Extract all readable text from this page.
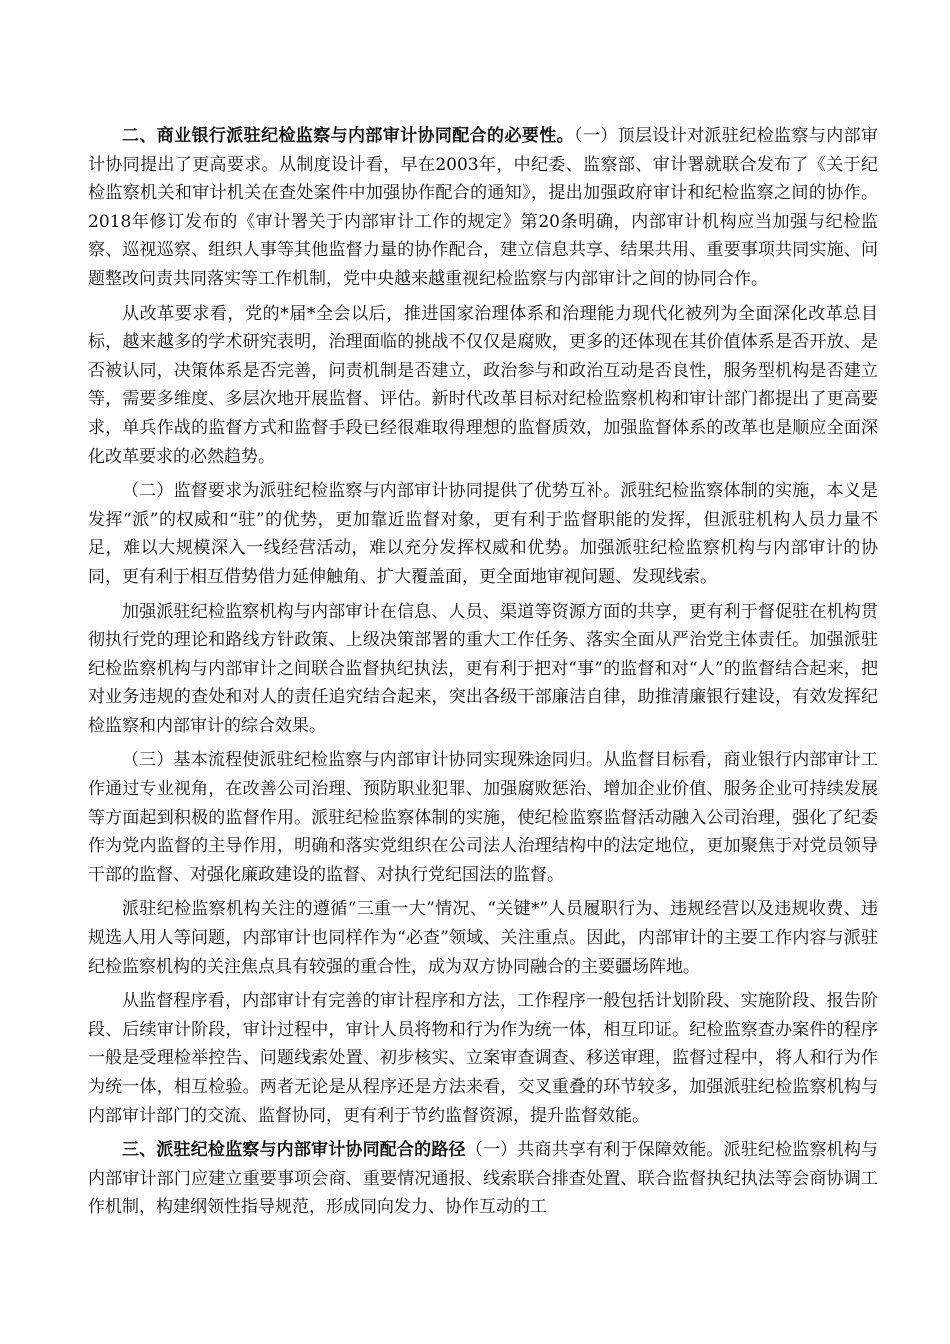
二、商业银行派驻纪检监察与内部审计协同配合的必要性。（一）顶层设计对派驻纪检监察与内部审计协同提出了更高要求。从制度设计看，早在2003年，中纪委、监察部、审计署就联合发布了《关于纪检监察机关和审计机关在查处案件中加强协作配合的通知》，提出加强政府审计和纪检监察之间的协作。2018年修订发布的《审计署关于内部审计工作的规定》第20条明确，内部审计机构应当加强与纪检监察、巡视巡察、组织人事等其他监督力量的协作配合，建立信息共享、结果共用、重要事项共同实施、问题整改问责共同落实等工作机制，党中央越来越重视纪检监察与内部审计之间的协同合作。

从改革要求看，党的*届*全会以后，推进国家治理体系和治理能力现代化被列为全面深化改革总目标，越来越多的学术研究表明，治理面临的挑战不仅仅是腐败，更多的还体现在其价值体系是否开放、是否被认同，决策体系是否完善，问责机制是否建立，政治参与和政治互动是否良性，服务型机构是否建立等，需要多维度、多层次地开展监督、评估。新时代改革目标对纪检监察机构和审计部门都提出了更高要求，单兵作战的监督方式和监督手段已经很难取得理想的监督质效，加强监督体系的改革也是顺应全面深化改革要求的必然趋势。

（二）监督要求为派驻纪检监察与内部审计协同提供了优势互补。派驻纪检监察体制的实施，本义是发挥“派”的权威和“驻”的优势，更加靠近监督对象，更有利于监督职能的发挥，但派驻机构人员力量不足，难以大规模深入一线经营活动，难以充分发挥权威和优势。加强派驻纪检监察机构与内部审计的协同，更有利于相互借势借力延伸触角、扩大覆盖面，更全面地审视问题、发现线索。

加强派驻纪检监察机构与内部审计在信息、人员、渠道等资源方面的共享，更有利于督促驻在机构贯彻执行党的理论和路线方针政策、上级决策部署的重大工作任务、落实全面从严治党主体责任。加强派驻纪检监察机构与内部审计之间联合监督执纪执法，更有利于把对“事”的监督和对“人”的监督结合起来，把对业务违规的查处和对人的责任追究结合起来，突出各级干部廉洁自律，助推清廉银行建设，有效发挥纪检监察和内部审计的综合效果。

（三）基本流程使派驻纪检监察与内部审计协同实现殊途同归。从监督目标看，商业银行内部审计工作通过专业视角，在改善公司治理、预防职业犯罪、加强腐败惩治、增加企业价值、服务企业可持续发展等方面起到积极的监督作用。派驻纪检监察体制的实施，使纪检监察监督活动融入公司治理，强化了纪委作为党内监督的主导作用，明确和落实党组织在公司法人治理结构中的法定地位，更加聚焦于对党员领导干部的监督、对强化廉政建设的监督、对执行党纪国法的监督。

派驻纪检监察机构关注的遵循“三重一大”情况、“关键*”人员履职行为、违规经营以及违规收费、违规选人用人等问题，内部审计也同样作为“必查”领域、关注重点。因此，内部审计的主要工作内容与派驻纪检监察机构的关注焦点具有较强的重合性，成为双方协同融合的主要疆场阵地。

从监督程序看，内部审计有完善的审计程序和方法，工作程序一般包括计划阶段、实施阶段、报告阶段、后续审计阶段，审计过程中，审计人员将物和行为作为统一体，相互印证。纪检监察查办案件的程序一般是受理检举控告、问题线索处置、初步核实、立案审查调查、移送审理，监督过程中，将人和行为作为统一体，相互检验。两者无论是从程序还是方法来看，交叉重叠的环节较多，加强派驻纪检监察机构与内部审计部门的交流、监督协同，更有利于节约监督资源，提升监督效能。

三、派驻纪检监察与内部审计协同配合的路径（一）共商共享有利于保障效能。派驻纪检监察机构与内部审计部门应建立重要事项会商、重要情况通报、线索联合排查处置、联合监督执纪执法等会商协调工作机制，构建纲领性指导规范，形成同向发力、协作互动的工
